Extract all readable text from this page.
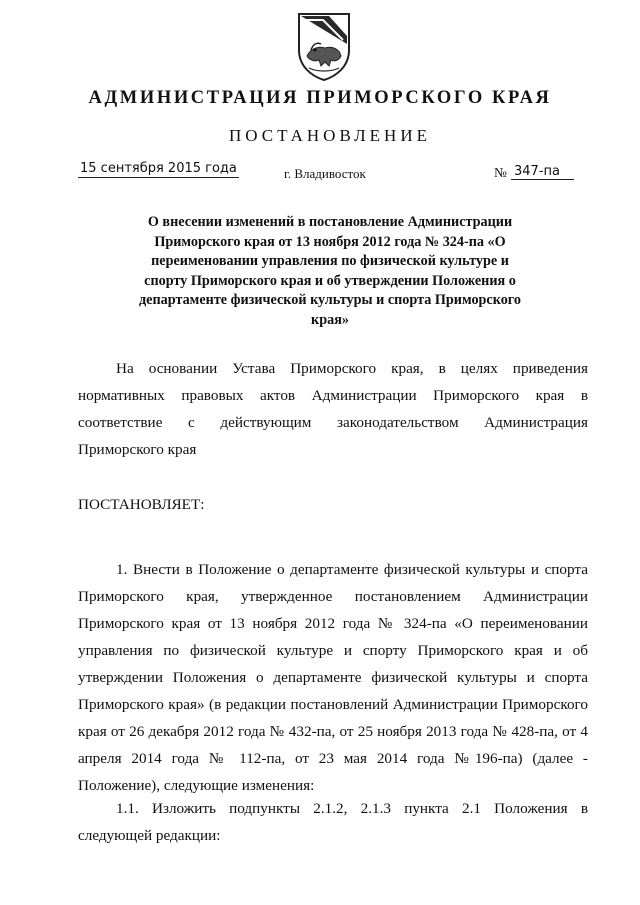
АДМИНИСТРАЦИЯ ПРИМОРСКОГО КРАЯ
ПОСТАНОВЛЕНИЕ
15 сентября 2015 года	г. Владивосток	№ 347-па
О внесении изменений в постановление Администрации Приморского края от 13 ноября 2012 года № 324-па «О переименовании управления по физической культуре и спорту Приморского края и об утверждении Положения о департаменте физической культуры и спорта Приморского края»
На основании Устава Приморского края, в целях приведения нормативных правовых актов Администрации Приморского края в соответствие с действующим законодательством Администрация Приморского края
ПОСТАНОВЛЯЕТ:
1. Внести в Положение о департаменте физической культуры и спорта Приморского края, утвержденное постановлением Администрации Приморского края от 13 ноября 2012 года № 324-па «О переименовании управления по физической культуре и спорту Приморского края и об утверждении Положения о департаменте физической культуры и спорта Приморского края» (в редакции постановлений Администрации Приморского края от 26 декабря 2012 года № 432-па, от 25 ноября 2013 года № 428-па, от 4 апреля 2014 года № 112-па, от 23 мая 2014 года №196-па) (далее - Положение), следующие изменения:
1.1. Изложить подпункты 2.1.2, 2.1.3 пункта 2.1 Положения в следующей редакции:
